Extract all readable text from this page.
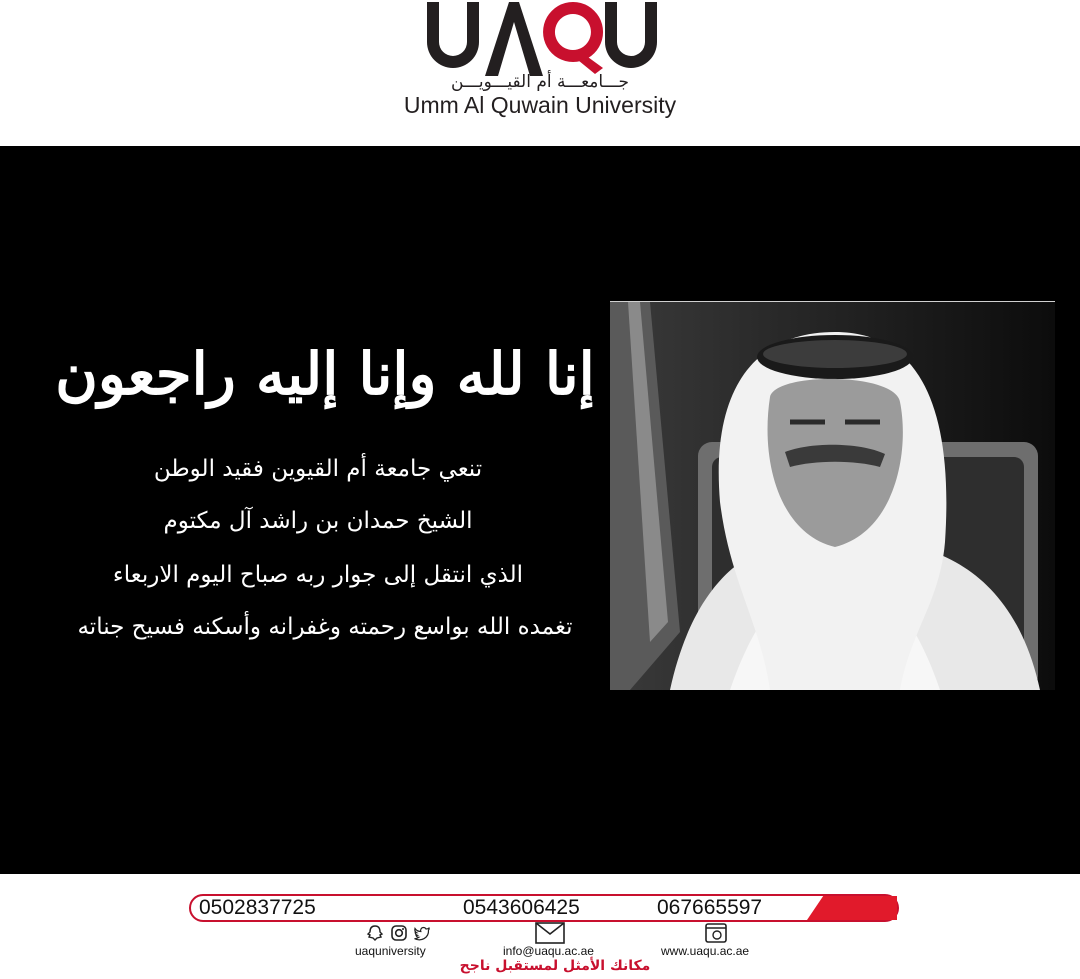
جـــامعـــة أم القيـــويـــن
Umm Al Quwain University
إنا لله وإنا إليه راجعون
تنعي جامعة أم القيوين فقيد الوطن
الشيخ حمدان بن راشد آل مكتوم
الذي انتقل إلى جوار ربه صباح اليوم الاربعاء
تغمده الله بواسع رحمته وغفرانه وأسكنه فسيح جناته
0502837725	0543606425	067665597
uaquniversity	info@uaqu.ac.ae	www.uaqu.ac.ae
مكانك الأمثل لمستقبل ناجح
